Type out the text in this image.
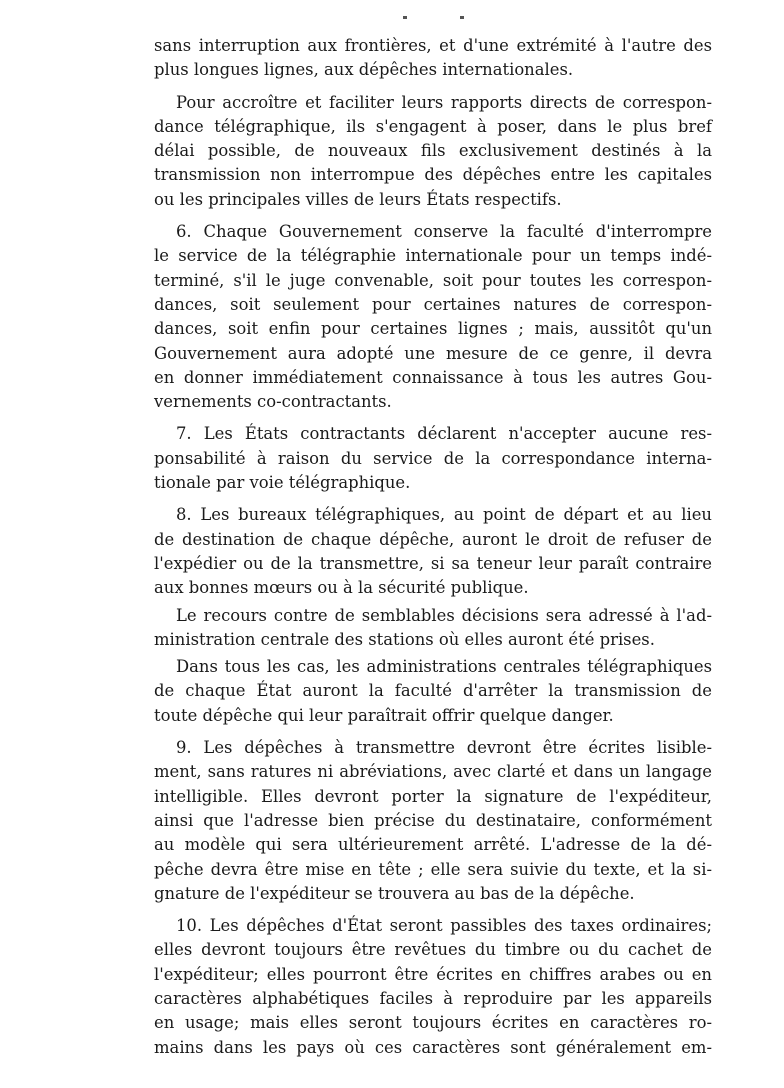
sans interruption aux frontières, et d'une extrémité à l'autre des
plus longues lignes, aux dépêches internationales.
Pour accroître et faciliter leurs rapports directs de correspon-
dance télégraphique, ils s'engagent à poser, dans le plus bref
délai possible, de nouveaux fils exclusivement destinés à la
transmission non interrompue des dépêches entre les capitales
ou les principales villes de leurs États respectifs.
6. Chaque Gouvernement conserve la faculté d'interrompre
le service de la télégraphie internationale pour un temps indé-
terminé, s'il le juge convenable, soit pour toutes les correspon-
dances, soit seulement pour certaines natures de correspon-
dances, soit enfin pour certaines lignes ; mais, aussitôt qu'un
Gouvernement aura adopté une mesure de ce genre, il devra
en donner immédiatement connaissance à tous les autres Gou-
vernements co-contractants.
7. Les États contractants déclarent n'accepter aucune res-
ponsabilité à raison du service de la correspondance interna-
tionale par voie télégraphique.
8. Les bureaux télégraphiques, au point de départ et au lieu
de destination de chaque dépêche, auront le droit de refuser de
l'expédier ou de la transmettre, si sa teneur leur paraît contraire
aux bonnes mœurs ou à la sécurité publique.
Le recours contre de semblables décisions sera adressé à l'ad-
ministration centrale des stations où elles auront été prises.
Dans tous les cas, les administrations centrales télégraphiques
de chaque État auront la faculté d'arrêter la transmission de
toute dépêche qui leur paraîtrait offrir quelque danger.
9. Les dépêches à transmettre devront être écrites lisible-
ment, sans ratures ni abréviations, avec clarté et dans un langage
intelligible. Elles devront porter la signature de l'expéditeur,
ainsi que l'adresse bien précise du destinataire, conformément
au modèle qui sera ultérieurement arrêté. L'adresse de la dé-
pêche devra être mise en tête ; elle sera suivie du texte, et la si-
gnature de l'expéditeur se trouvera au bas de la dépêche.
10. Les dépêches d'État seront passibles des taxes ordinaires;
elles devront toujours être revêtues du timbre ou du cachet de
l'expéditeur; elles pourront être écrites en chiffres arabes ou en
caractères alphabétiques faciles à reproduire par les appareils
en usage; mais elles seront toujours écrites en caractères ro-
mains dans les pays où ces caractères sont généralement em-
